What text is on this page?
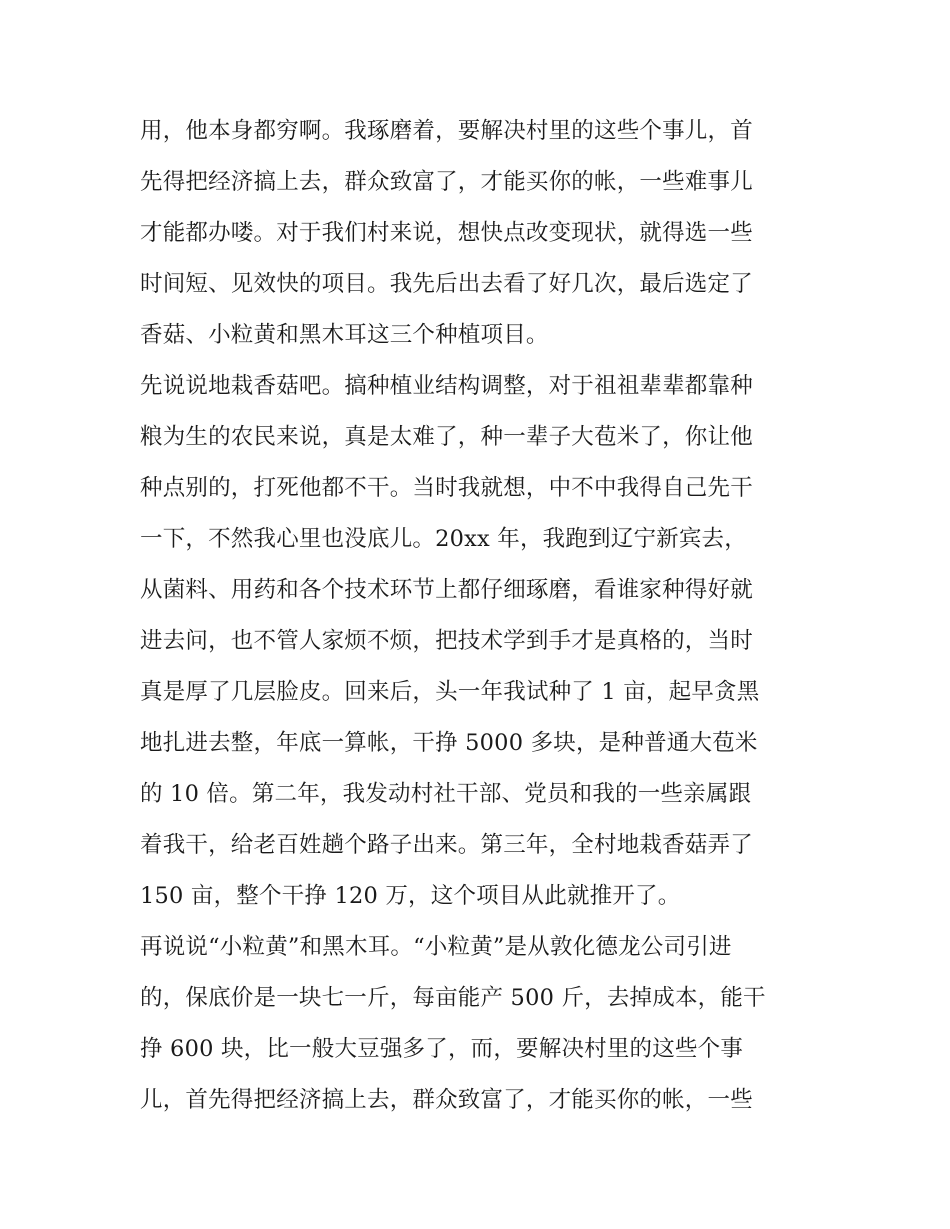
用，他本身都穷啊。我琢磨着，要解决村里的这些个事儿，首
先得把经济搞上去，群众致富了，才能买你的帐，一些难事儿
才能都办喽。对于我们村来说，想快点改变现状，就得选一些
时间短、见效快的项目。我先后出去看了好几次，最后选定了
香菇、小粒黄和黑木耳这三个种植项目。
先说说地栽香菇吧。搞种植业结构调整，对于祖祖辈辈都靠种
粮为生的农民来说，真是太难了，种一辈子大苞米了，你让他
种点别的，打死他都不干。当时我就想，中不中我得自己先干
一下，不然我心里也没底儿。20xx 年，我跑到辽宁新宾去，
从菌料、用药和各个技术环节上都仔细琢磨，看谁家种得好就
进去问，也不管人家烦不烦，把技术学到手才是真格的，当时
真是厚了几层脸皮。回来后，头一年我试种了 1 亩，起早贪黑
地扎进去整，年底一算帐，干挣 5000 多块，是种普通大苞米
的 10 倍。第二年，我发动村社干部、党员和我的一些亲属跟
着我干，给老百姓趟个路子出来。第三年，全村地栽香菇弄了
150 亩，整个干挣 120 万，这个项目从此就推开了。
再说说“小粒黄”和黑木耳。“小粒黄”是从敦化德龙公司引进
的，保底价是一块七一斤，每亩能产 500 斤，去掉成本，能干
挣 600 块，比一般大豆强多了，而，要解决村里的这些个事
儿，首先得把经济搞上去，群众致富了，才能买你的帐，一些
